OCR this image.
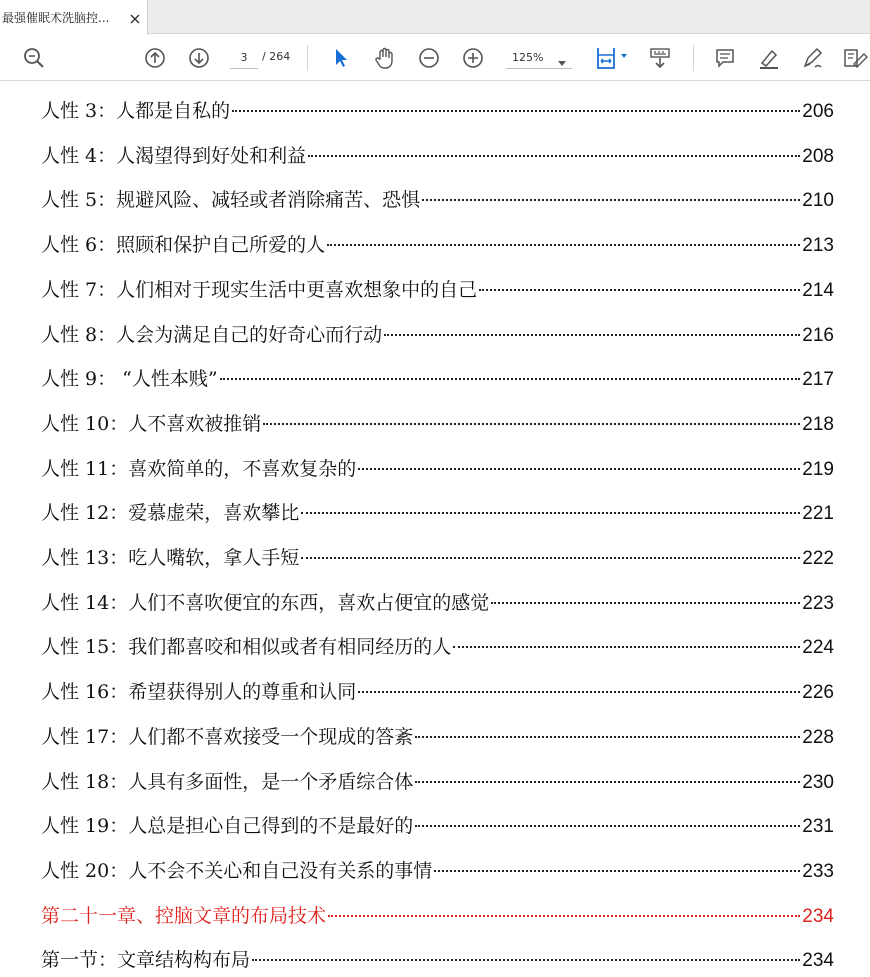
最强催眠术洗脑控...
3
/ 264	125%
人性 3：人都是自私的	206
人性 4：人渴望得到好处和利益	208
人性 5：规避风险、减轻或者消除痛苦、恐惧	210
人性 6：照顾和保护自己所爱的人	213
人性 7：人们相对于现实生活中更喜欢想象中的自己	214
人性 8：人会为满足自己的好奇心而行动	216
人性 9： “人性本贱”	217
人性 10：人不喜欢被推销	218
人性 11：喜欢简单的，不喜欢复杂的	219
人性 12：爱慕虚荣，喜欢攀比	221
人性 13：吃人嘴软，拿人手短	222
人性 14：人们不喜吹便宜的东西，喜欢占便宜的感觉	223
人性 15：我们都喜咬和相似或者有相同经历的人	224
人性 16：希望获得别人的尊重和认同	226
人性 17：人们都不喜欢接受一个现成的答紊	228
人性 18：人具有多面性，是一个矛盾综合体	230
人性 19：人总是担心自己得到的不是最好的	231
人性 20：人不会不关心和自己没有关系的事情	233
第二十一章、控脑文章的布局技术	234
第一节：文章结构构布局	234
